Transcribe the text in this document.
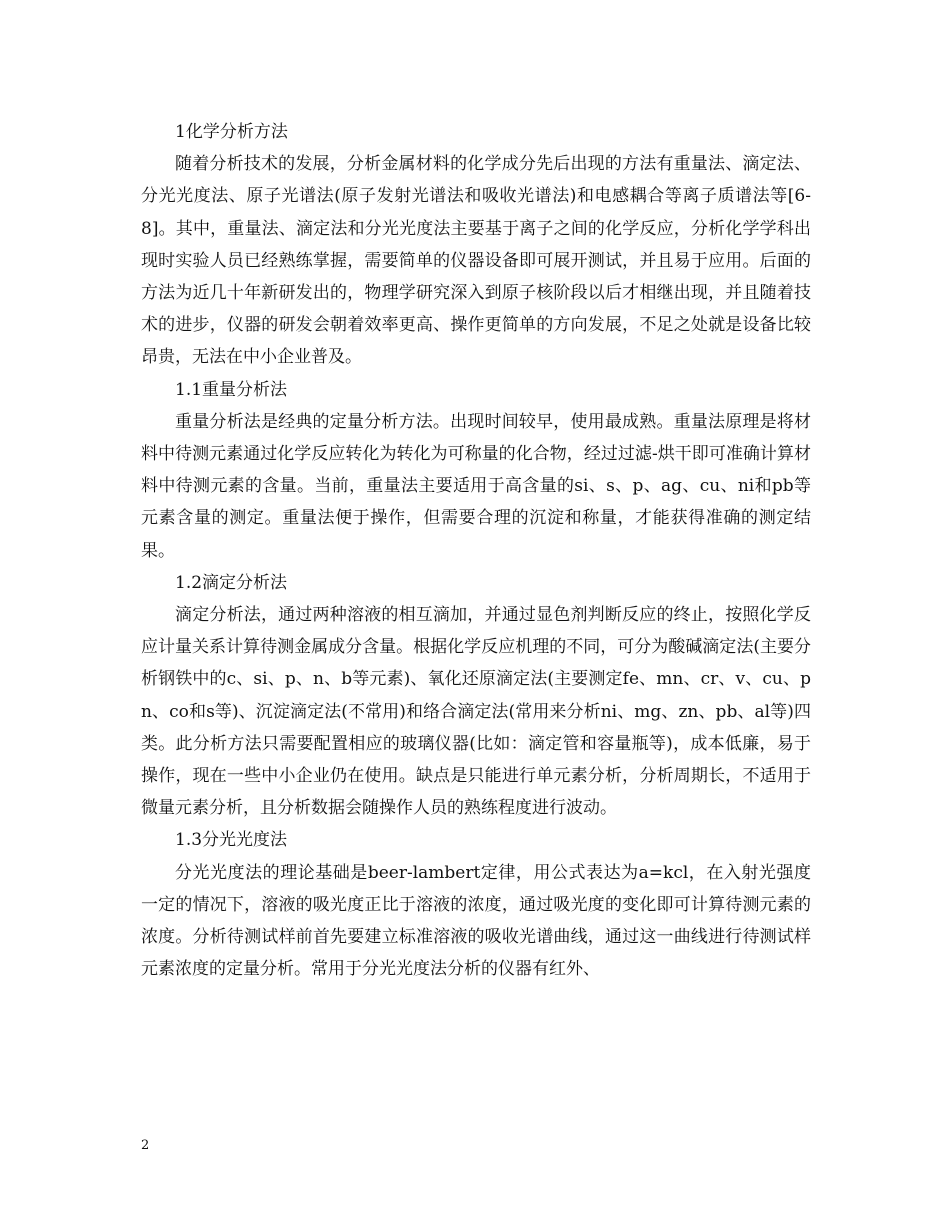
1化学分析方法

随着分析技术的发展，分析金属材料的化学成分先后出现的方法有重量法、滴定法、分光光度法、原子光谱法(原子发射光谱法和吸收光谱法)和电感耦合等离子质谱法等[6-8]。其中，重量法、滴定法和分光光度法主要基于离子之间的化学反应，分析化学学科出现时实验人员已经熟练掌握，需要简单的仪器设备即可展开测试，并且易于应用。后面的方法为近几十年新研发出的，物理学研究深入到原子核阶段以后才相继出现，并且随着技术的进步，仪器的研发会朝着效率更高、操作更简单的方向发展，不足之处就是设备比较昂贵，无法在中小企业普及。

1.1重量分析法

重量分析法是经典的定量分析方法。出现时间较早，使用最成熟。重量法原理是将材料中待测元素通过化学反应转化为转化为可称量的化合物，经过过滤-烘干即可准确计算材料中待测元素的含量。当前，重量法主要适用于高含量的si、s、p、ag、cu、ni和pb等元素含量的测定。重量法便于操作，但需要合理的沉淀和称量，才能获得准确的测定结果。

1.2滴定分析法

滴定分析法，通过两种溶液的相互滴加，并通过显色剂判断反应的终止，按照化学反应计量关系计算待测金属成分含量。根据化学反应机理的不同，可分为酸碱滴定法(主要分析钢铁中的c、si、p、n、b等元素)、氧化还原滴定法(主要测定fe、mn、cr、v、cu、pn、co和s等)、沉淀滴定法(不常用)和络合滴定法(常用来分析ni、mg、zn、pb、al等)四类。此分析方法只需要配置相应的玻璃仪器(比如：滴定管和容量瓶等)，成本低廉，易于操作，现在一些中小企业仍在使用。缺点是只能进行单元素分析，分析周期长，不适用于微量元素分析，且分析数据会随操作人员的熟练程度进行波动。

1.3分光光度法

分光光度法的理论基础是beer-lambert定律，用公式表达为a=kcl，在入射光强度一定的情况下，溶液的吸光度正比于溶液的浓度，通过吸光度的变化即可计算待测元素的浓度。分析待测试样前首先要建立标准溶液的吸收光谱曲线，通过这一曲线进行待测试样元素浓度的定量分析。常用于分光光度法分析的仪器有红外、

2
